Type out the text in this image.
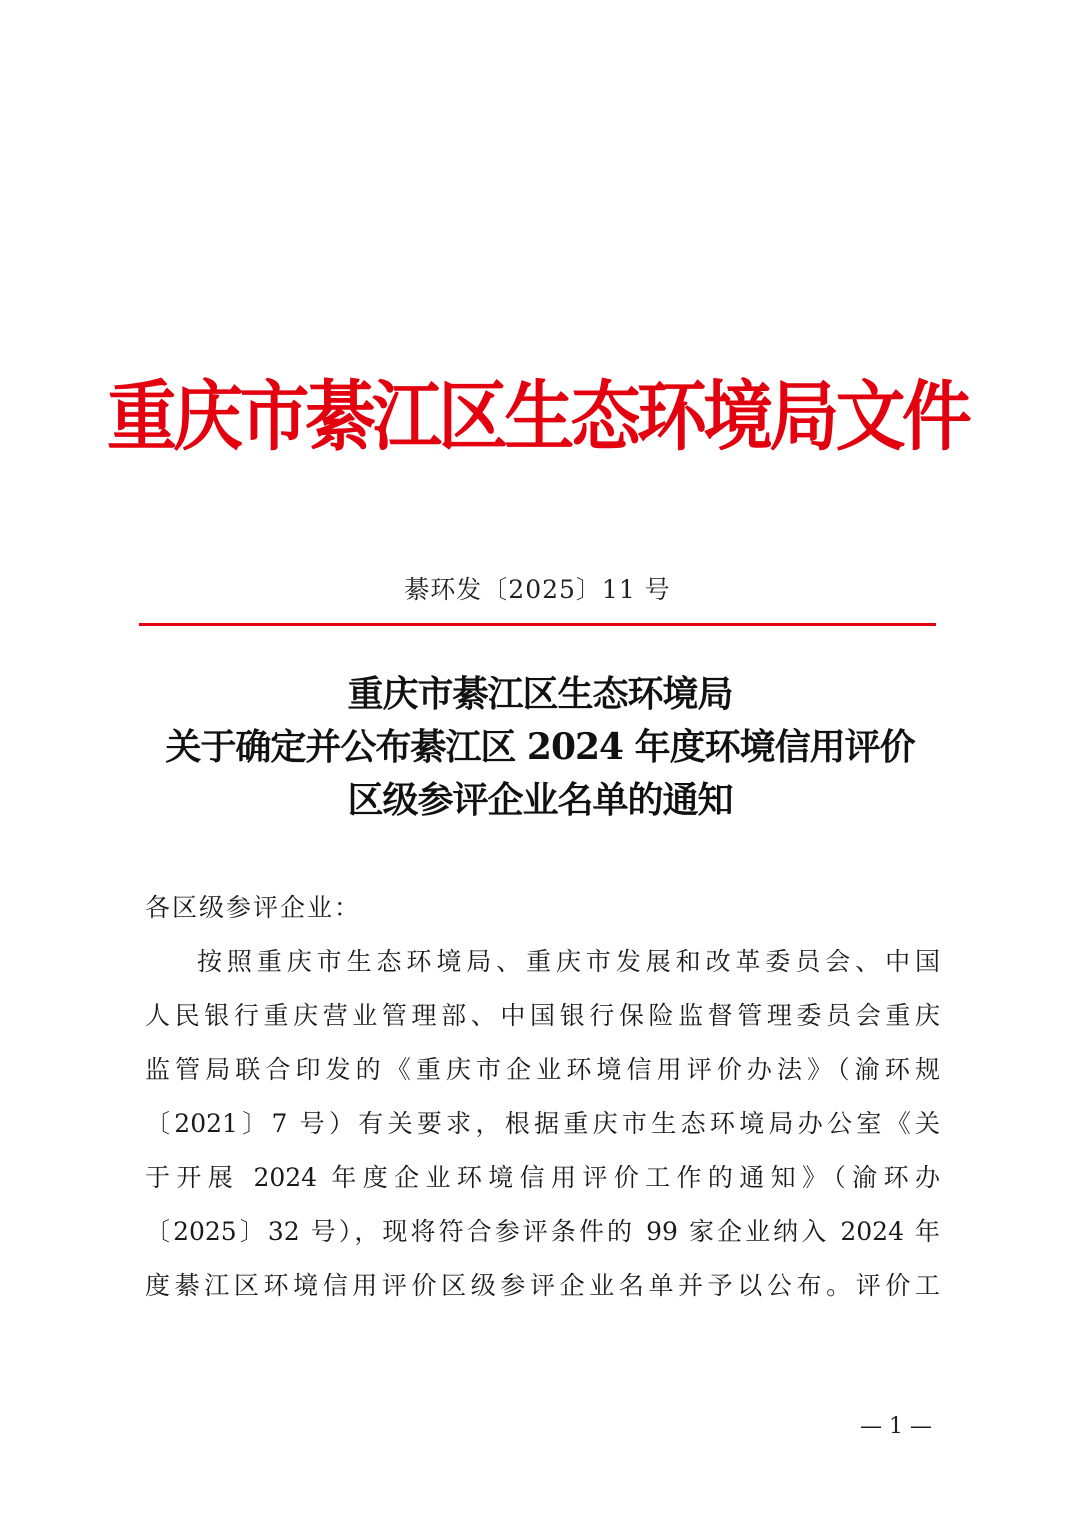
重庆市綦江区生态环境局文件
綦环发〔2025〕11 号
重庆市綦江区生态环境局
关于确定并公布綦江区 2024 年度环境信用评价
区级参评企业名单的通知
各区级参评企业：
按照重庆市生态环境局、重庆市发展和改革委员会、中国
人民银行重庆营业管理部、中国银行保险监督管理委员会重庆
监管局联合印发的《重庆市企业环境信用评价办法》（渝环规
〔2021〕7 号）有关要求，根据重庆市生态环境局办公室《关
于开展 2024 年度企业环境信用评价工作的通知》（渝环办
〔2025〕32 号），现将符合参评条件的 99 家企业纳入 2024 年
度綦江区环境信用评价区级参评企业名单并予以公布。评价工
— 1 —
